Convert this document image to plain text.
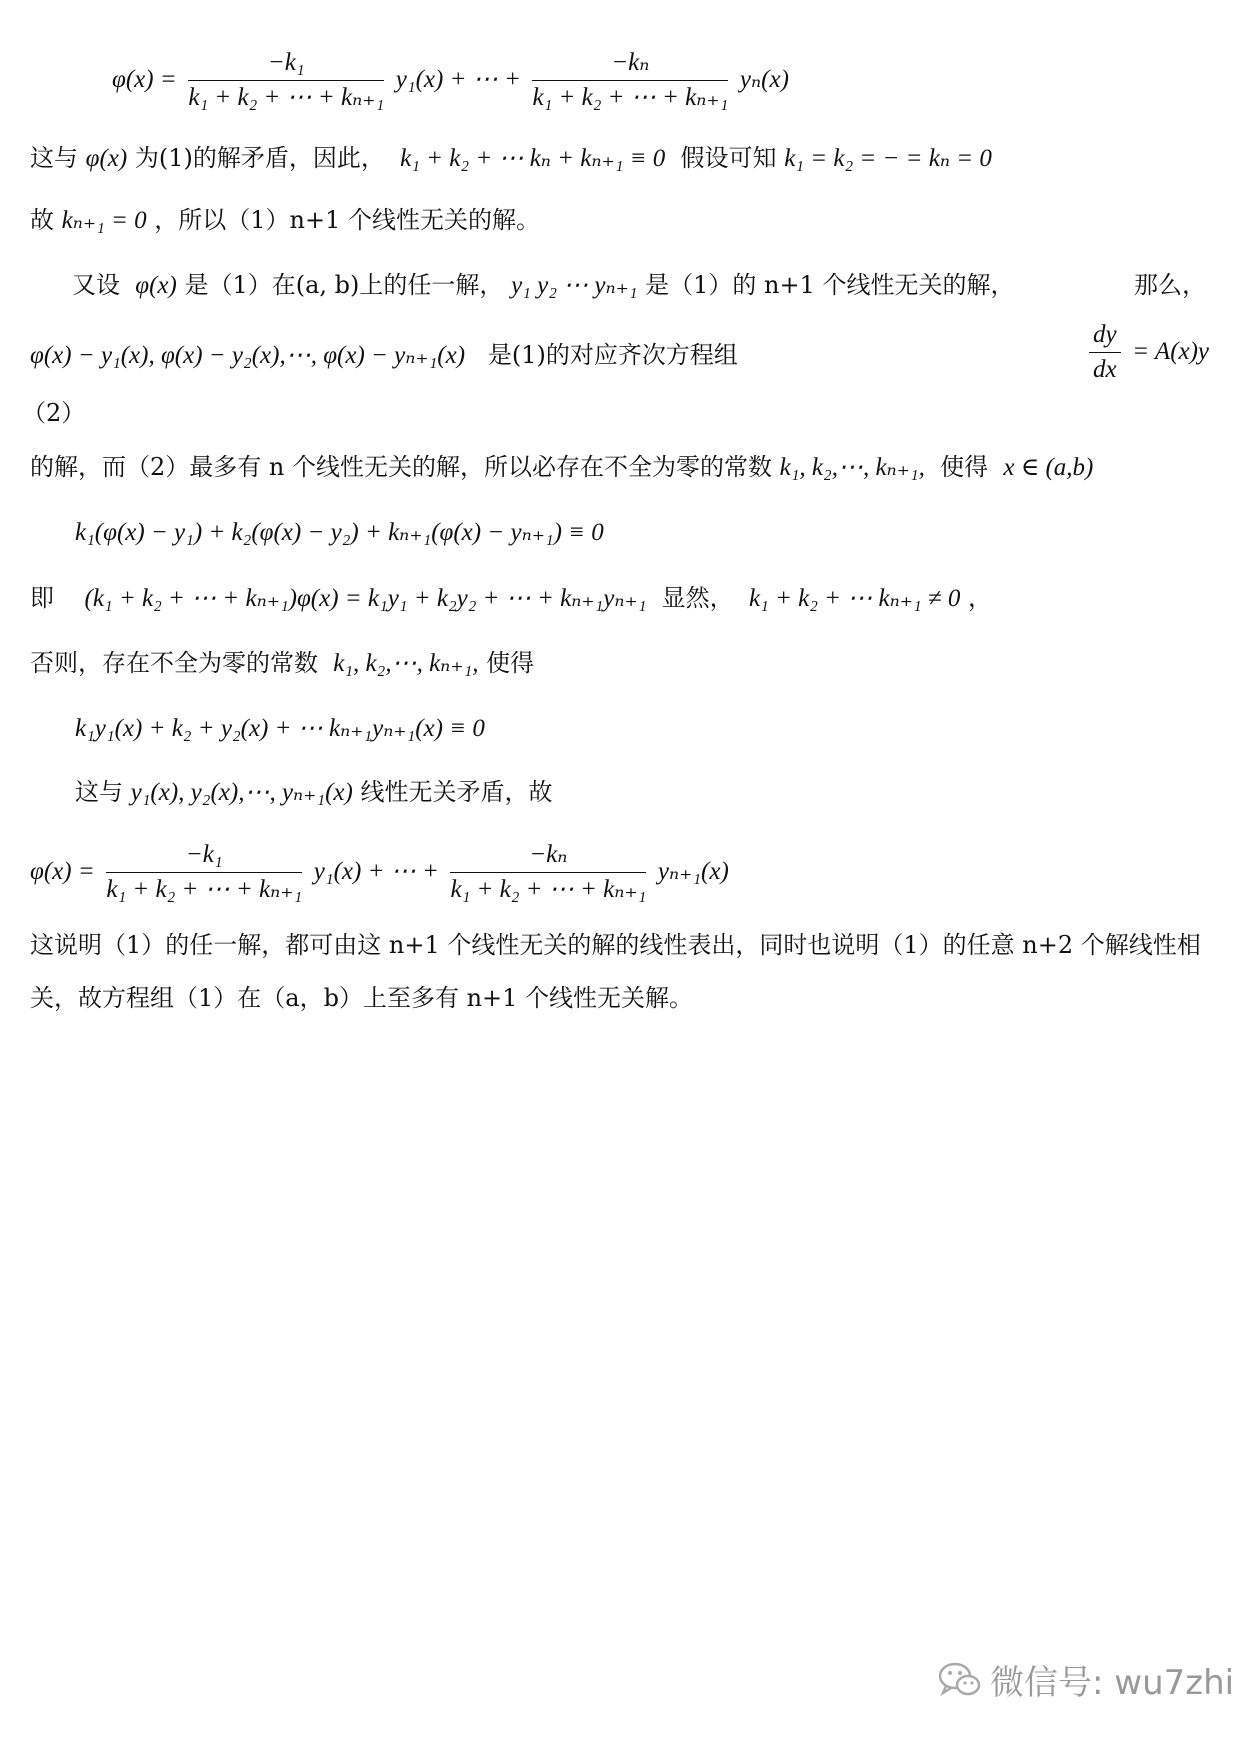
$\varphi(x) = \frac{\text{−k₁}}{\text{k₁ + k₂ + ⋯ + kₙ₊₁}} y_1(x)$ + ⋯ + $\frac{\text{−kₙ}}{\text{k₁ + k₂ + ⋯ + kₙ₊₁}} y_n(x)$
这与 φ(x) 为(1)的解矛盾，因此， k₁ + k₂ + ⋯ kₙ + kₙ₊₁ ≡ 0 假设可知 k₁ = k₂ = − = kₙ = 0
故 kₙ₊₁ = 0 ，所以（1）n+1 个线性无关的解。
又设 φ(x) 是（1）在(a, b)上的任一解， y₁ y₂ ⋯ yₙ₊₁ 是（1）的 n+1 个线性无关的解，	那么，
φ(x) − y₁(x), φ(x) − y₂(x),⋯, φ(x) − yₙ₊₁(x) 是(1)的对应齐次方程组	$\frac{dy}{dx} = A(x)y$
（2）
的解，而（2）最多有 n 个线性无关的解，所以必存在不全为零的常数 k₁, k₂,⋯, kₙ₊₁, 使得 x ∈ (a,b)
k₁(φ(x) − y₁) + k₂(φ(x) − y₂) + kₙ₊₁(φ(x) − yₙ₊₁) ≡ 0
即 (k₁ + k₂ + ⋯ + kₙ₊₁)φ(x) = k₁y₁ + k₂y₂ + ⋯ + kₙ₊₁yₙ₊₁ 显然， k₁ + k₂ + ⋯ kₙ₊₁ ≠ 0 ，
否则，存在不全为零的常数 k₁, k₂,⋯, kₙ₊₁, 使得
k₁y₁(x) + k₂ + y₂(x) + ⋯ kₙ₊₁yₙ₊₁(x) ≡ 0
这与 y₁(x), y₂(x),⋯, yₙ₊₁(x) 线性无关矛盾，故
$\varphi(x) = \frac{\text{−k₁}}{\text{k₁ + k₂ + ⋯ + kₙ₊₁}} y_1(x)$ + ⋯ + $\frac{\text{−kₙ}}{\text{k₁ + k₂ + ⋯ + kₙ₊₁}} y_{n+1}(x)$
这说明（1）的任一解，都可由这 n+1 个线性无关的解的线性表出，同时也说明（1）的任意 n+2 个解线性相
关，故方程组（1）在（a，b）上至多有 n+1 个线性无关解。
微信号: wu7zhi
